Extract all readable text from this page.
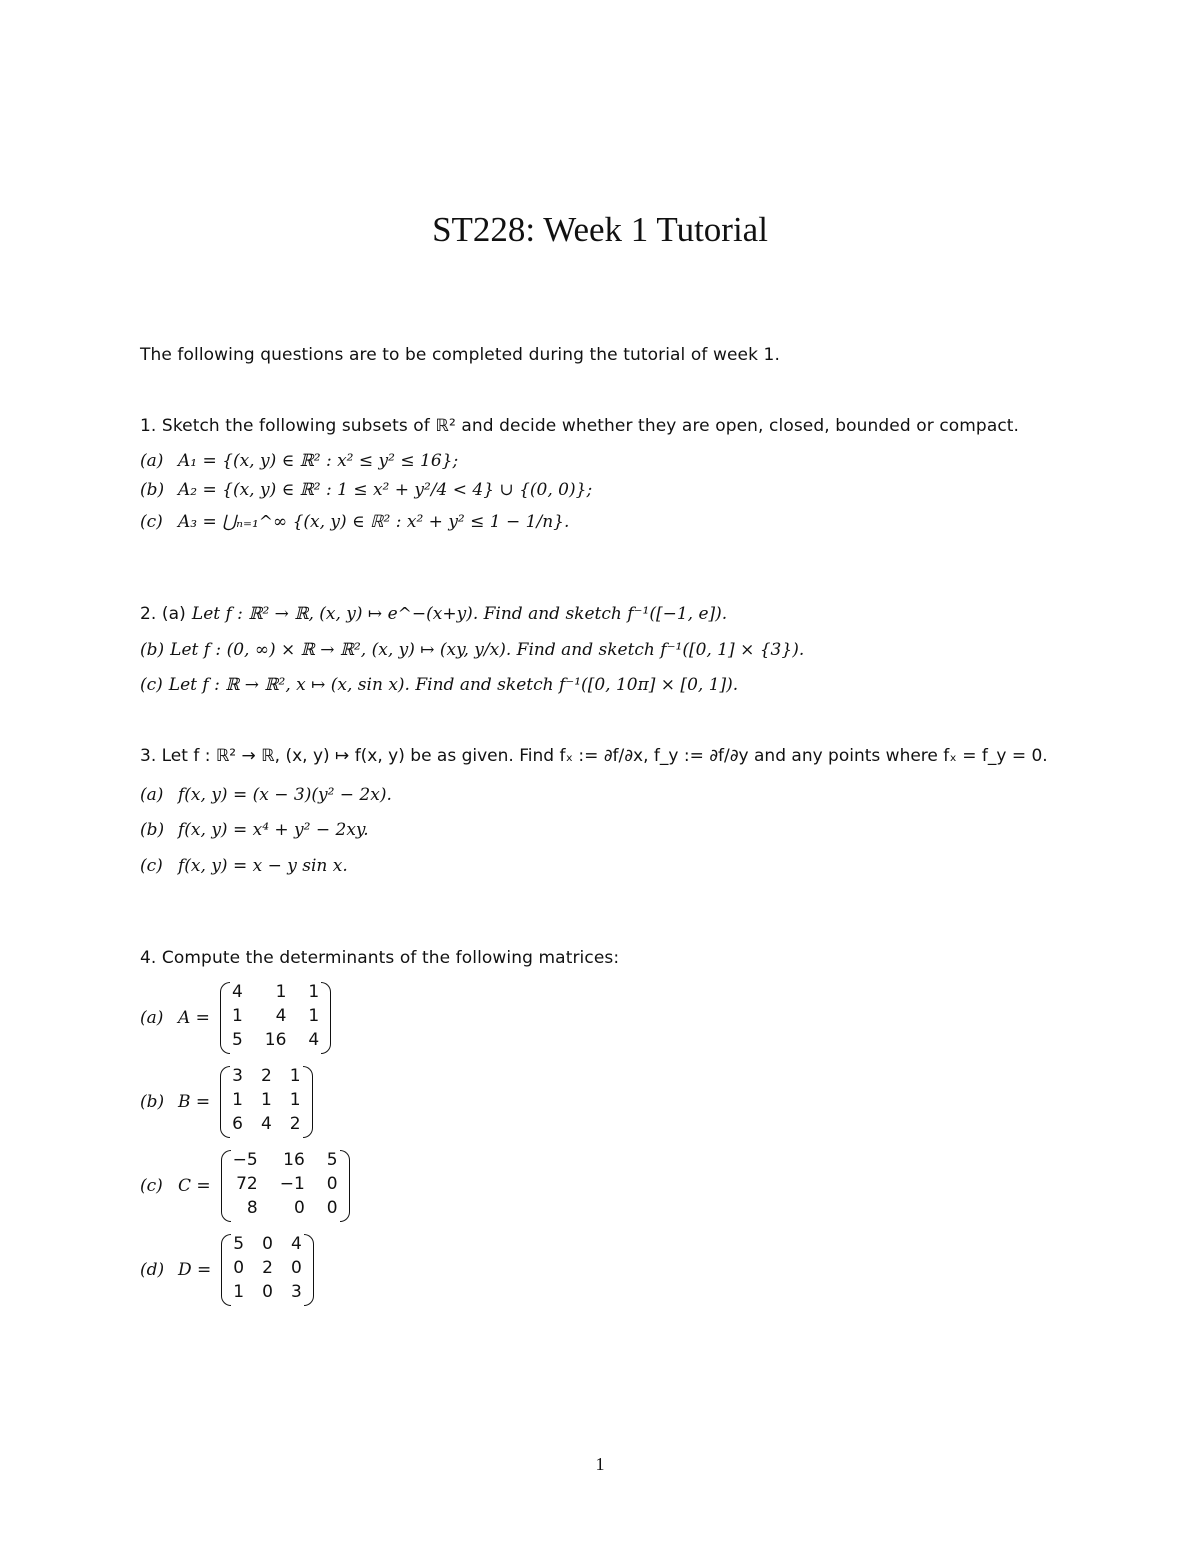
ST228: Week 1 Tutorial
The following questions are to be completed during the tutorial of week 1.
1. Sketch the following subsets of ℝ² and decide whether they are open, closed, bounded or compact.
(a) A₁ = {(x, y) ∈ ℝ² : x² ≤ y² ≤ 16};
(b) A₂ = {(x, y) ∈ ℝ² : 1 ≤ x² + y²/4 < 4} ∪ {(0, 0)};
(c) A₃ = ⋃ₙ₌₁^∞ {(x, y) ∈ ℝ² : x² + y² ≤ 1 − 1/n}.
2. (a) Let f : ℝ² → ℝ, (x, y) ↦ e^−(x+y). Find and sketch f⁻¹([−1, e]).
(b) Let f : (0, ∞) × ℝ → ℝ², (x, y) ↦ (xy, y/x). Find and sketch f⁻¹([0, 1] × {3}).
(c) Let f : ℝ → ℝ², x ↦ (x, sin x). Find and sketch f⁻¹([0, 10π] × [0, 1]).
3. Let f : ℝ² → ℝ, (x, y) ↦ f(x, y) be as given. Find fₓ := ∂f/∂x, f_y := ∂f/∂y and any points where fₓ = f_y = 0.
(a) f(x, y) = (x − 3)(y² − 2x).
(b) f(x, y) = x⁴ + y² − 2xy.
(c) f(x, y) = x − y sin x.
4. Compute the determinants of the following matrices:
(a) A =
4	1 1
1	4 1
5 16 4
(b) B =
3 2 1
1 1 1
6 4 2
(c) C =
−5 16 5
72 −1 0
8	0 0
(d) D =
5 0 4
0 2 0
1 0 3
1
